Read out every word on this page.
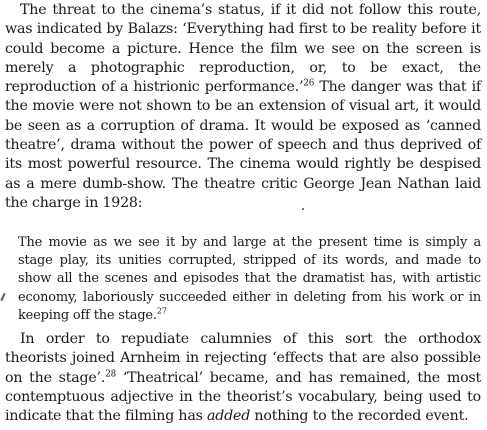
The threat to the cinema’s status, if it did not follow this route, was indicated by Balazs: ‘Everything had first to be reality before it could become a picture. Hence the film we see on the screen is merely a photographic reproduction, or, to be exact, the reproduction of a histrionic performance.’$^{26}$ The danger was that if the movie were not shown to be an extension of visual art, it would be seen as a corruption of drama. It would be exposed as ‘canned theatre’, drama without the power of speech and thus deprived of its most powerful resource. The cinema would rightly be despised as a mere dumb-show. The theatre critic George Jean Nathan laid the charge in 1928:

The movie as we see it by and large at the present time is simply a stage play, its unities corrupted, stripped of its words, and made to show all the scenes and episodes that the dramatist has, with artistic economy, laboriously succeeded either in deleting from his work or in keeping off the stage.$^{27}$

In order to repudiate calumnies of this sort the orthodox theorists joined Arnheim in rejecting ‘effects that are also possible on the stage’.$^{28}$ ‘Theatrical’ became, and has remained, the most contemptuous adjective in the theorist’s vocabulary, being used to indicate that the filming has added nothing to the recorded event.
